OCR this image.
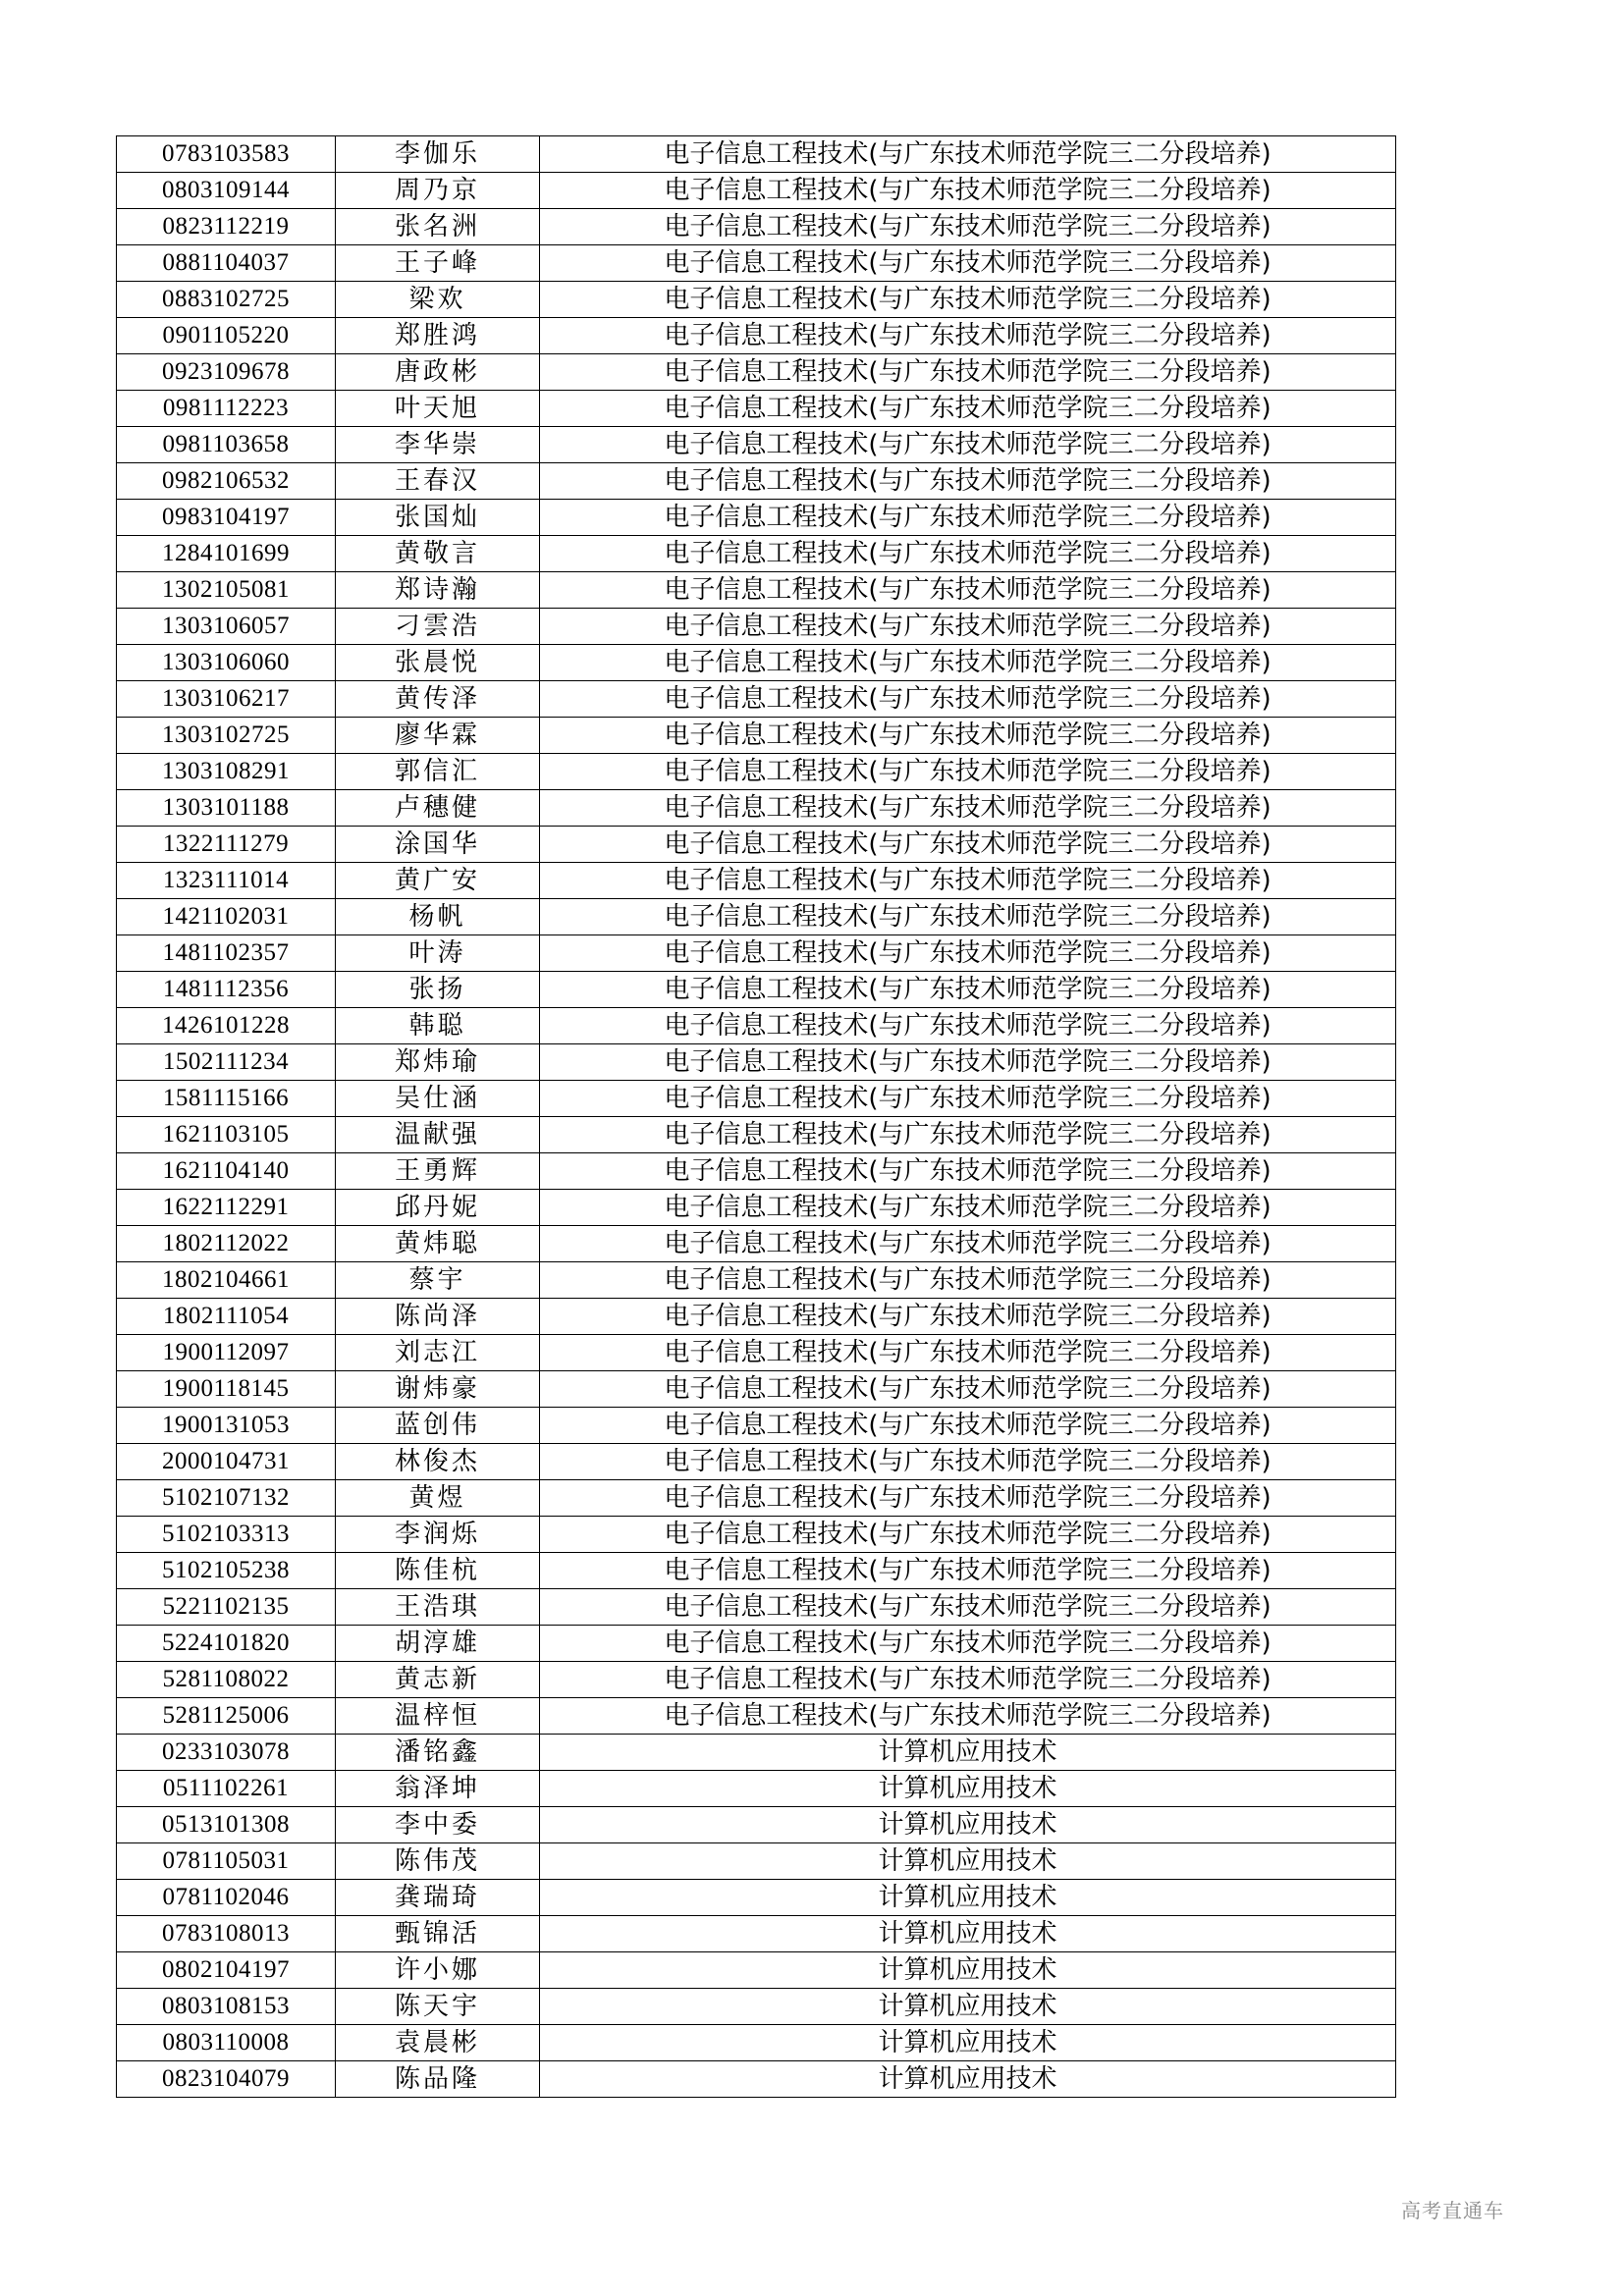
0783103583	李伽乐	电子信息工程技术(与广东技术师范学院三二分段培养)
0803109144	周乃京	电子信息工程技术(与广东技术师范学院三二分段培养)
0823112219	张名洲	电子信息工程技术(与广东技术师范学院三二分段培养)
0881104037	王子峰	电子信息工程技术(与广东技术师范学院三二分段培养)
0883102725	梁欢	电子信息工程技术(与广东技术师范学院三二分段培养)
0901105220	郑胜鸿	电子信息工程技术(与广东技术师范学院三二分段培养)
0923109678	唐政彬	电子信息工程技术(与广东技术师范学院三二分段培养)
0981112223	叶天旭	电子信息工程技术(与广东技术师范学院三二分段培养)
0981103658	李华崇	电子信息工程技术(与广东技术师范学院三二分段培养)
0982106532	王春汉	电子信息工程技术(与广东技术师范学院三二分段培养)
0983104197	张国灿	电子信息工程技术(与广东技术师范学院三二分段培养)
1284101699	黄敬言	电子信息工程技术(与广东技术师范学院三二分段培养)
1302105081	郑诗瀚	电子信息工程技术(与广东技术师范学院三二分段培养)
1303106057	刁雲浩	电子信息工程技术(与广东技术师范学院三二分段培养)
1303106060	张晨悦	电子信息工程技术(与广东技术师范学院三二分段培养)
1303106217	黄传泽	电子信息工程技术(与广东技术师范学院三二分段培养)
1303102725	廖华霖	电子信息工程技术(与广东技术师范学院三二分段培养)
1303108291	郭信汇	电子信息工程技术(与广东技术师范学院三二分段培养)
1303101188	卢穗健	电子信息工程技术(与广东技术师范学院三二分段培养)
1322111279	涂国华	电子信息工程技术(与广东技术师范学院三二分段培养)
1323111014	黄广安	电子信息工程技术(与广东技术师范学院三二分段培养)
1421102031	杨帆	电子信息工程技术(与广东技术师范学院三二分段培养)
1481102357	叶涛	电子信息工程技术(与广东技术师范学院三二分段培养)
1481112356	张扬	电子信息工程技术(与广东技术师范学院三二分段培养)
1426101228	韩聪	电子信息工程技术(与广东技术师范学院三二分段培养)
1502111234	郑炜瑜	电子信息工程技术(与广东技术师范学院三二分段培养)
1581115166	吴仕涵	电子信息工程技术(与广东技术师范学院三二分段培养)
1621103105	温献强	电子信息工程技术(与广东技术师范学院三二分段培养)
1621104140	王勇辉	电子信息工程技术(与广东技术师范学院三二分段培养)
1622112291	邱丹妮	电子信息工程技术(与广东技术师范学院三二分段培养)
1802112022	黄炜聪	电子信息工程技术(与广东技术师范学院三二分段培养)
1802104661	蔡宇	电子信息工程技术(与广东技术师范学院三二分段培养)
1802111054	陈尚泽	电子信息工程技术(与广东技术师范学院三二分段培养)
1900112097	刘志江	电子信息工程技术(与广东技术师范学院三二分段培养)
1900118145	谢炜豪	电子信息工程技术(与广东技术师范学院三二分段培养)
1900131053	蓝创伟	电子信息工程技术(与广东技术师范学院三二分段培养)
2000104731	林俊杰	电子信息工程技术(与广东技术师范学院三二分段培养)
5102107132	黄煜	电子信息工程技术(与广东技术师范学院三二分段培养)
5102103313	李润烁	电子信息工程技术(与广东技术师范学院三二分段培养)
5102105238	陈佳杭	电子信息工程技术(与广东技术师范学院三二分段培养)
5221102135	王浩琪	电子信息工程技术(与广东技术师范学院三二分段培养)
5224101820	胡淳雄	电子信息工程技术(与广东技术师范学院三二分段培养)
5281108022	黄志新	电子信息工程技术(与广东技术师范学院三二分段培养)
5281125006	温梓恒	电子信息工程技术(与广东技术师范学院三二分段培养)
0233103078	潘铭鑫	计算机应用技术
0511102261	翁泽坤	计算机应用技术
0513101308	李中委	计算机应用技术
0781105031	陈伟茂	计算机应用技术
0781102046	龚瑞琦	计算机应用技术
0783108013	甄锦活	计算机应用技术
0802104197	许小娜	计算机应用技术
0803108153	陈天宇	计算机应用技术
0803110008	袁晨彬	计算机应用技术
0823104079	陈品隆	计算机应用技术
高考直通车
